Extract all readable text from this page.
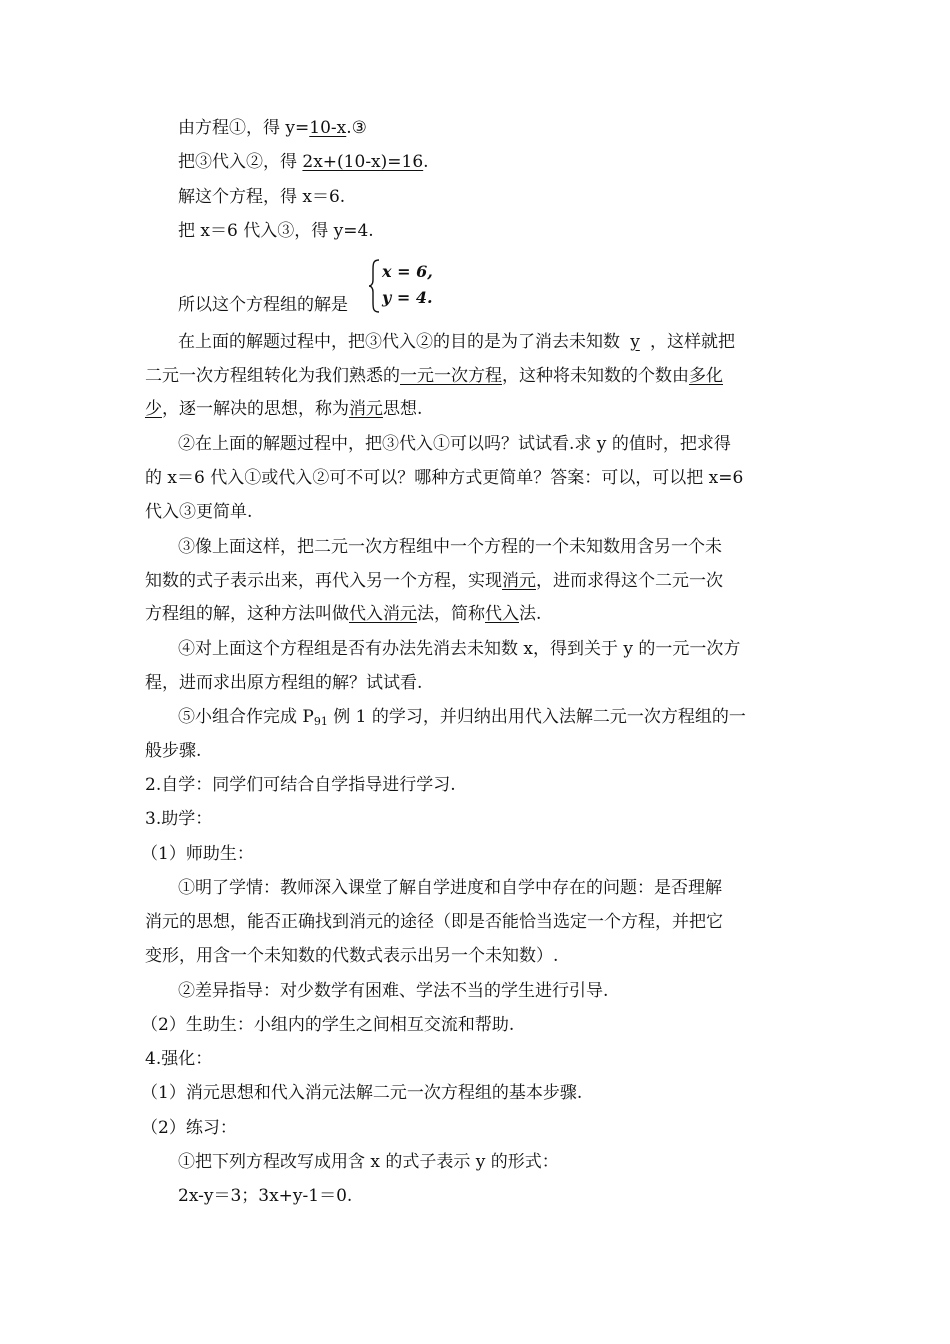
由方程①，得 y=10-x.③
把③代入②，得 2x+(10-x)=16.
解这个方程，得 x＝6.
把 x＝6 代入③，得 y=4.
所以这个方程组的解是
x = 6,
y = 4.
在上面的解题过程中，把③代入②的目的是为了消去未知数 y ，这样就把
二元一次方程组转化为我们熟悉的一元一次方程，这种将未知数的个数由多化
少，逐一解决的思想，称为消元思想.
②在上面的解题过程中，把③代入①可以吗？试试看.求 y 的值时，把求得
的 x＝6 代入①或代入②可不可以？哪种方式更简单？答案：可以，可以把 x=6
代入③更简单.
③像上面这样，把二元一次方程组中一个方程的一个未知数用含另一个未
知数的式子表示出来，再代入另一个方程，实现消元，进而求得这个二元一次
方程组的解，这种方法叫做代入消元法，简称代入法.
④对上面这个方程组是否有办法先消去未知数 x，得到关于 y 的一元一次方
程，进而求出原方程组的解？试试看.
⑤小组合作完成 $P_{91}$ 例 1 的学习，并归纳出用代入法解二元一次方程组的一
般步骤.
2.自学：同学们可结合自学指导进行学习.
3.助学：
（1）师助生：
①明了学情：教师深入课堂了解自学进度和自学中存在的问题：是否理解
消元的思想，能否正确找到消元的途径（即是否能恰当选定一个方程，并把它
变形，用含一个未知数的代数式表示出另一个未知数）.
②差异指导：对少数学有困难、学法不当的学生进行引导.
（2）生助生：小组内的学生之间相互交流和帮助.
4.强化：
（1）消元思想和代入消元法解二元一次方程组的基本步骤.
（2）练习：
①把下列方程改写成用含 x 的式子表示 y 的形式：
2x-y＝3；3x+y-1＝0.
